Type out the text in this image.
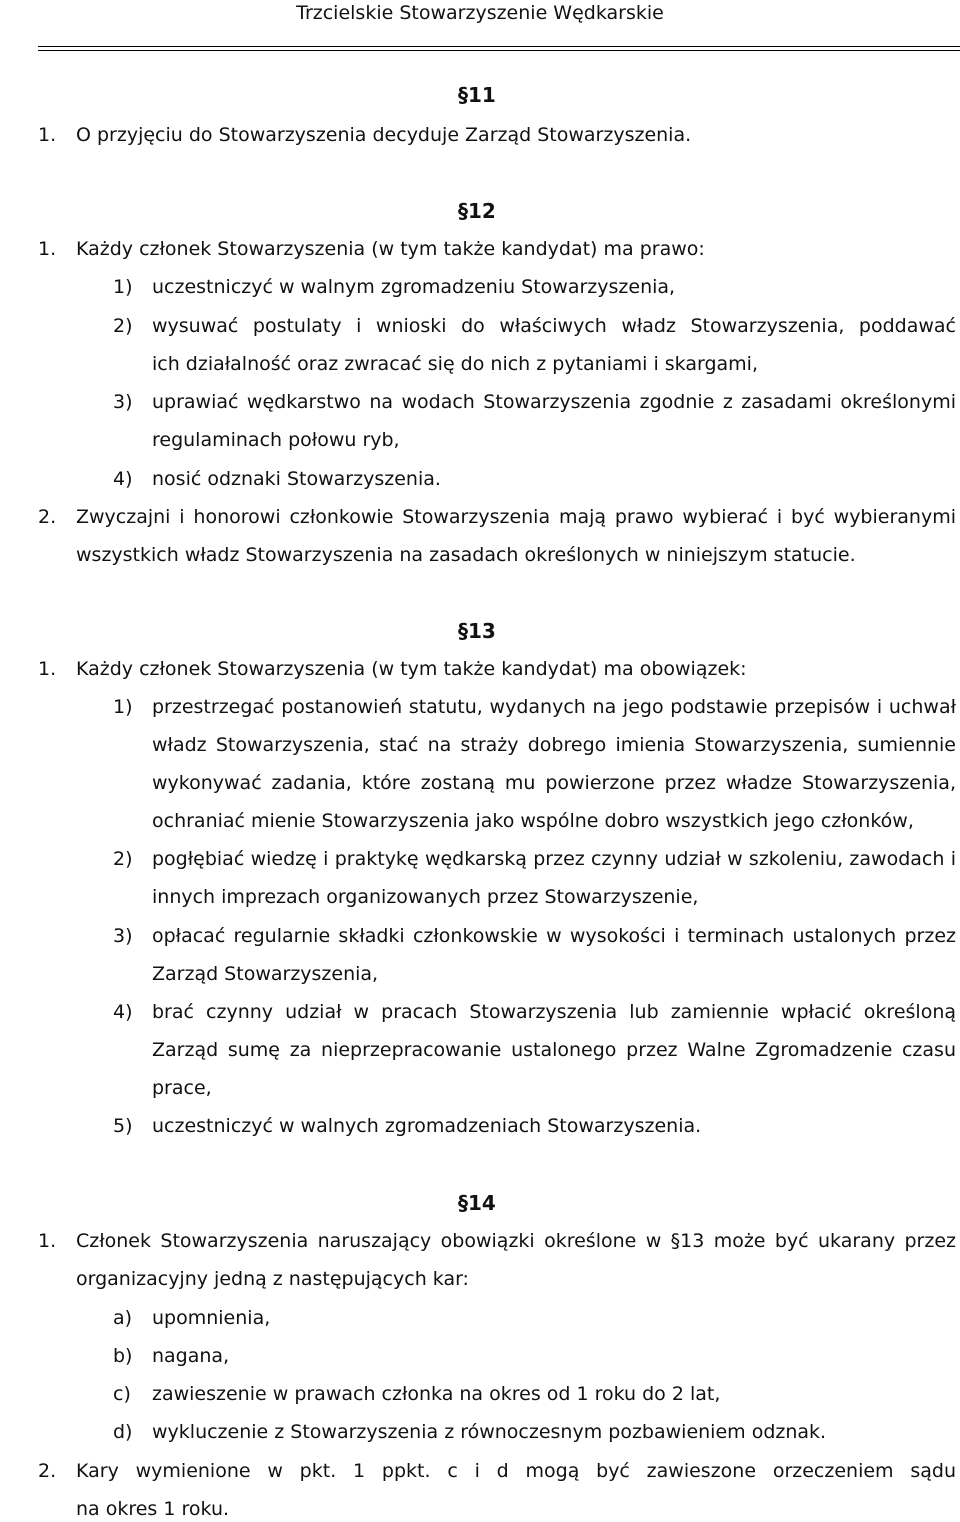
Trzcielskie Stowarzyszenie Wędkarskie
§11
1. O przyjęciu do Stowarzyszenia decyduje Zarząd Stowarzyszenia.
§12
1. Każdy członek Stowarzyszenia (w tym także kandydat) ma prawo:
1) uczestniczyć w walnym zgromadzeniu Stowarzyszenia,
2) wysuwać postulaty i wnioski do właściwych władz Stowarzyszenia, poddawać
ich działalność oraz zwracać się do nich z pytaniami i skargami,
3) uprawiać wędkarstwo na wodach Stowarzyszenia zgodnie z zasadami określonymi
regulaminach połowu ryb,
4) nosić odznaki Stowarzyszenia.
2. Zwyczajni i honorowi członkowie Stowarzyszenia mają prawo wybierać i być wybieranymi
wszystkich władz Stowarzyszenia na zasadach określonych w niniejszym statucie.
§13
1. Każdy członek Stowarzyszenia (w tym także kandydat) ma obowiązek:
1) przestrzegać postanowień statutu, wydanych na jego podstawie przepisów i uchwał
władz Stowarzyszenia, stać na straży dobrego imienia Stowarzyszenia, sumiennie
wykonywać zadania, które zostaną mu powierzone przez władze Stowarzyszenia,
ochraniać mienie Stowarzyszenia jako wspólne dobro wszystkich jego członków,
2) pogłębiać wiedzę i praktykę wędkarską przez czynny udział w szkoleniu, zawodach i
innych imprezach organizowanych przez Stowarzyszenie,
3) opłacać regularnie składki członkowskie w wysokości i terminach ustalonych przez
Zarząd Stowarzyszenia,
4) brać czynny udział w pracach Stowarzyszenia lub zamiennie wpłacić określoną
Zarząd sumę za nieprzepracowanie ustalonego przez Walne Zgromadzenie czasu
prace,
5) uczestniczyć w walnych zgromadzeniach Stowarzyszenia.
§14
1. Członek Stowarzyszenia naruszający obowiązki określone w §13 może być ukarany przez
organizacyjny jedną z następujących kar:
a) upomnienia,
b) nagana,
c) zawieszenie w prawach członka na okres od 1 roku do 2 lat,
d) wykluczenie z Stowarzyszenia z równoczesnym pozbawieniem odznak.
2. Kary wymienione w pkt. 1 ppkt. c i d mogą być zawieszone orzeczeniem sądu
na okres 1 roku.
